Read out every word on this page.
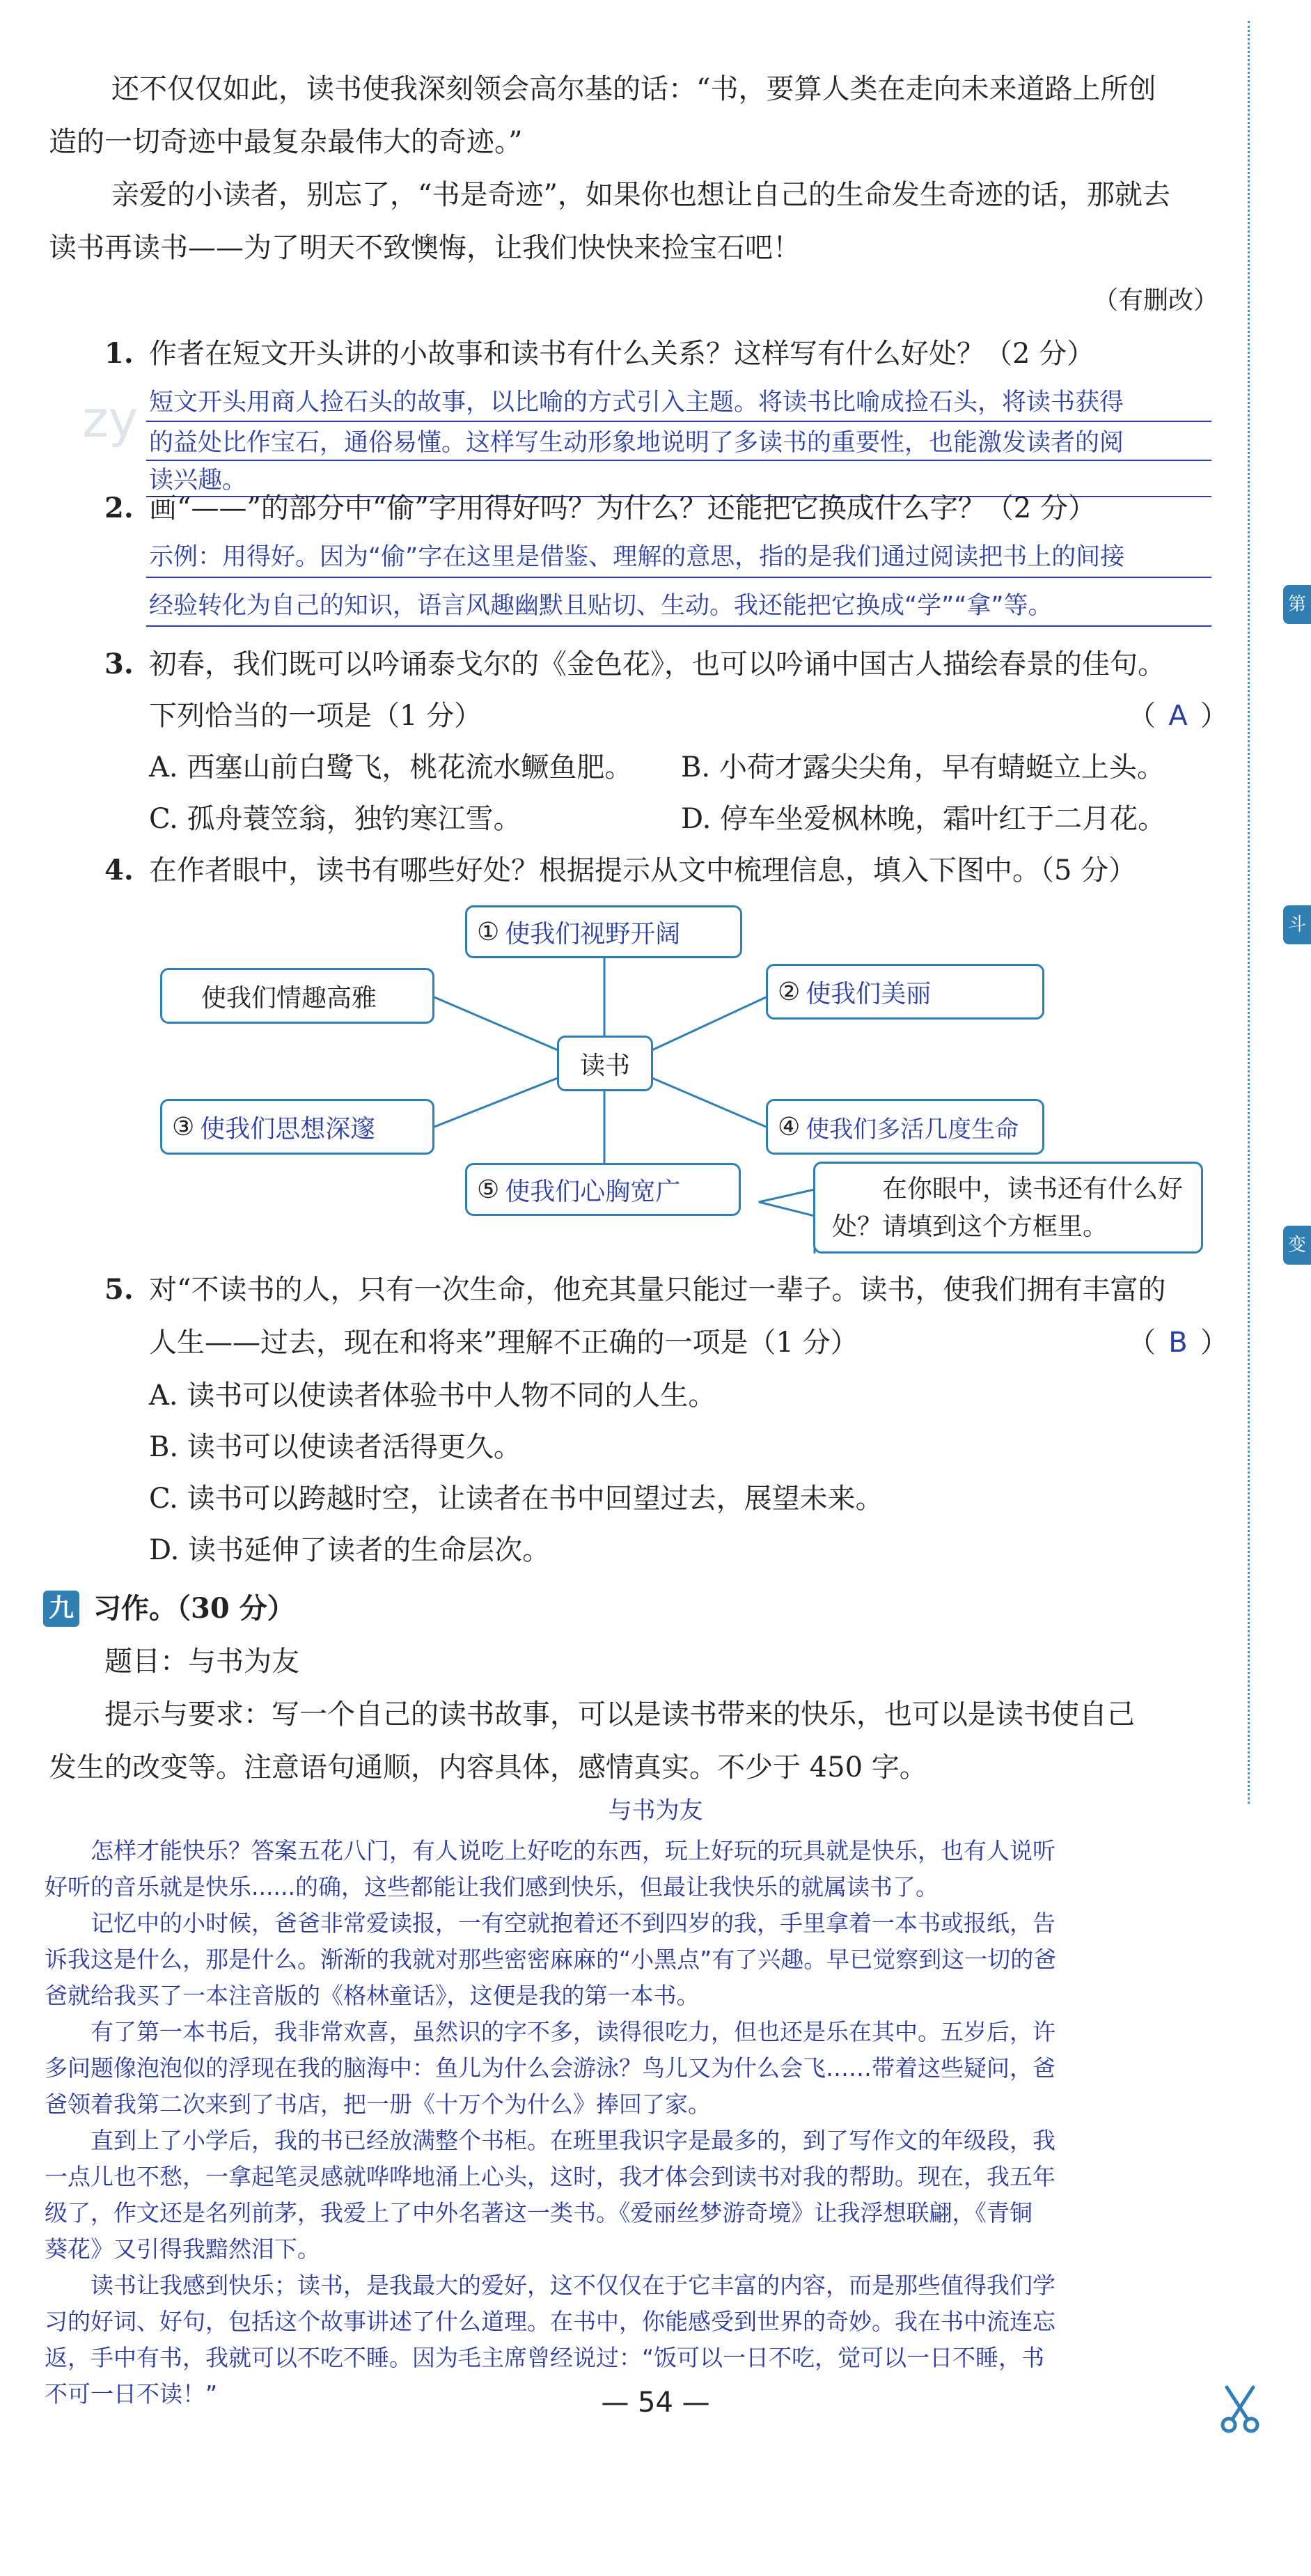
第
斗
变
zy
还不仅仅如此，读书使我深刻领会高尔基的话：“书，要算人类在走向未来道路上所创
造的一切奇迹中最复杂最伟大的奇迹。”
亲爱的小读者，别忘了，“书是奇迹”，如果你也想让自己的生命发生奇迹的话，那就去
读书再读书——为了明天不致懊悔，让我们快快来捡宝石吧！
（有删改）
1. 作者在短文开头讲的小故事和读书有什么关系？这样写有什么好处？（2 分）
短文开头用商人捡石头的故事，以比喻的方式引入主题。将读书比喻成捡石头，将读书获得
的益处比作宝石，通俗易懂。这样写生动形象地说明了多读书的重要性，也能激发读者的阅
读兴趣。
2. 画“——”的部分中“偷”字用得好吗？为什么？还能把它换成什么字？（2 分）
示例：用得好。因为“偷”字在这里是借鉴、理解的意思，指的是我们通过阅读把书上的间接
经验转化为自己的知识，语言风趣幽默且贴切、生动。我还能把它换成“学”“拿”等。
3. 初春，我们既可以吟诵泰戈尔的《金色花》，也可以吟诵中国古人描绘春景的佳句。
下列恰当的一项是（1 分）	（ A ）
A. 西塞山前白鹭飞，桃花流水鳜鱼肥。 B. 小荷才露尖尖角，早有蜻蜓立上头。
C. 孤舟蓑笠翁，独钓寒江雪。	D. 停车坐爱枫林晚，霜叶红于二月花。
4. 在作者眼中，读书有哪些好处？根据提示从文中梳理信息，填入下图中。（5 分）
① 使我们视野开阔
使我们情趣高雅	② 使我们美丽
读书
③ 使我们思想深邃	④ 使我们多活几度生命
⑤ 使我们心胸宽广	在你眼中，读书还有什么好
处？请填到这个方框里。
5. 对“不读书的人，只有一次生命，他充其量只能过一辈子。读书，使我们拥有丰富的
人生——过去，现在和将来”理解不正确的一项是（1 分）	（ B ）
A. 读书可以使读者体验书中人物不同的人生。
B. 读书可以使读者活得更久。
C. 读书可以跨越时空，让读者在书中回望过去，展望未来。
D. 读书延伸了读者的生命层次。
九 习作。（30 分）
题目：与书为友
提示与要求：写一个自己的读书故事，可以是读书带来的快乐，也可以是读书使自己
发生的改变等。注意语句通顺，内容具体，感情真实。不少于 450 字。
与书为友
怎样才能快乐？答案五花八门，有人说吃上好吃的东西，玩上好玩的玩具就是快乐，也有人说听
好听的音乐就是快乐......的确，这些都能让我们感到快乐，但最让我快乐的就属读书了。
记忆中的小时候，爸爸非常爱读报，一有空就抱着还不到四岁的我，手里拿着一本书或报纸，告
诉我这是什么，那是什么。渐渐的我就对那些密密麻麻的“小黑点”有了兴趣。早已觉察到这一切的爸
爸就给我买了一本注音版的《格林童话》，这便是我的第一本书。
有了第一本书后，我非常欢喜，虽然识的字不多，读得很吃力，但也还是乐在其中。五岁后，许
多问题像泡泡似的浮现在我的脑海中：鱼儿为什么会游泳？鸟儿又为什么会飞……带着这些疑问，爸
爸领着我第二次来到了书店，把一册《十万个为什么》捧回了家。
直到上了小学后，我的书已经放满整个书柜。在班里我识字是最多的，到了写作文的年级段，我
一点儿也不愁，一拿起笔灵感就哗哗地涌上心头，这时，我才体会到读书对我的帮助。现在，我五年
级了，作文还是名列前茅，我爱上了中外名著这一类书。《爱丽丝梦游奇境》让我浮想联翩，《青铜
葵花》又引得我黯然泪下。
读书让我感到快乐；读书，是我最大的爱好，这不仅仅在于它丰富的内容，而是那些值得我们学
习的好词、好句，包括这个故事讲述了什么道理。在书中，你能感受到世界的奇妙。我在书中流连忘
返，手中有书，我就可以不吃不睡。因为毛主席曾经说过：“饭可以一日不吃，觉可以一日不睡，书
不可一日不读！”	— 54 —
